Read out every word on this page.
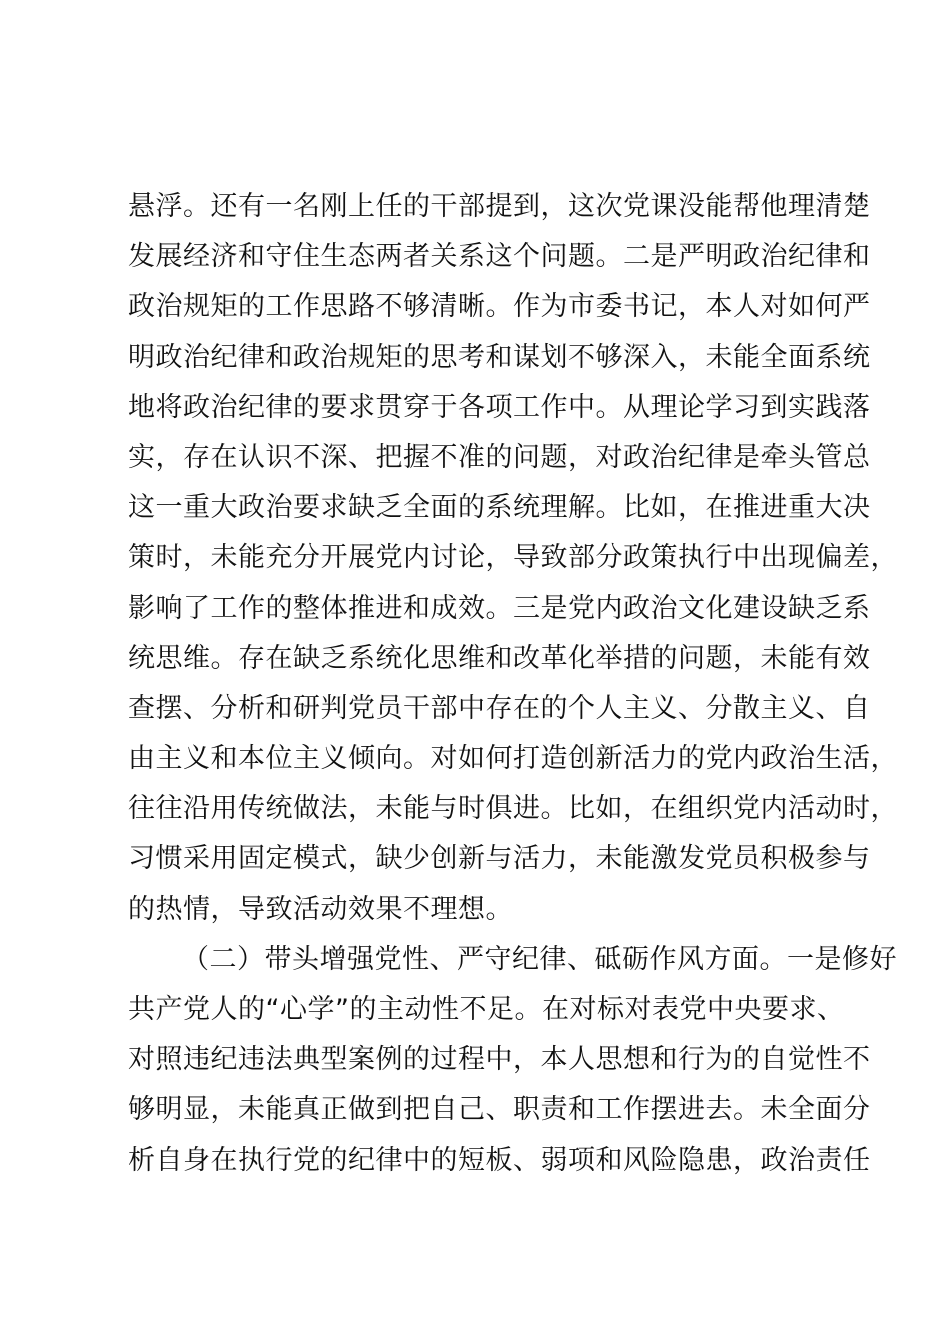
悬浮。还有一名刚上任的干部提到，这次党课没能帮他理清楚
发展经济和守住生态两者关系这个问题。二是严明政治纪律和
政治规矩的工作思路不够清晰。作为市委书记，本人对如何严
明政治纪律和政治规矩的思考和谋划不够深入，未能全面系统
地将政治纪律的要求贯穿于各项工作中。从理论学习到实践落
实，存在认识不深、把握不准的问题，对政治纪律是牵头管总
这一重大政治要求缺乏全面的系统理解。比如，在推进重大决
策时，未能充分开展党内讨论，导致部分政策执行中出现偏差，
影响了工作的整体推进和成效。三是党内政治文化建设缺乏系
统思维。存在缺乏系统化思维和改革化举措的问题，未能有效
查摆、分析和研判党员干部中存在的个人主义、分散主义、自
由主义和本位主义倾向。对如何打造创新活力的党内政治生活，
往往沿用传统做法，未能与时俱进。比如，在组织党内活动时，
习惯采用固定模式，缺少创新与活力，未能激发党员积极参与
的热情，导致活动效果不理想。
（二）带头增强党性、严守纪律、砥砺作风方面。一是修好
共产党人的“心学”的主动性不足。在对标对表党中央要求、
对照违纪违法典型案例的过程中，本人思想和行为的自觉性不
够明显，未能真正做到把自己、职责和工作摆进去。未全面分
析自身在执行党的纪律中的短板、弱项和风险隐患，政治责任
